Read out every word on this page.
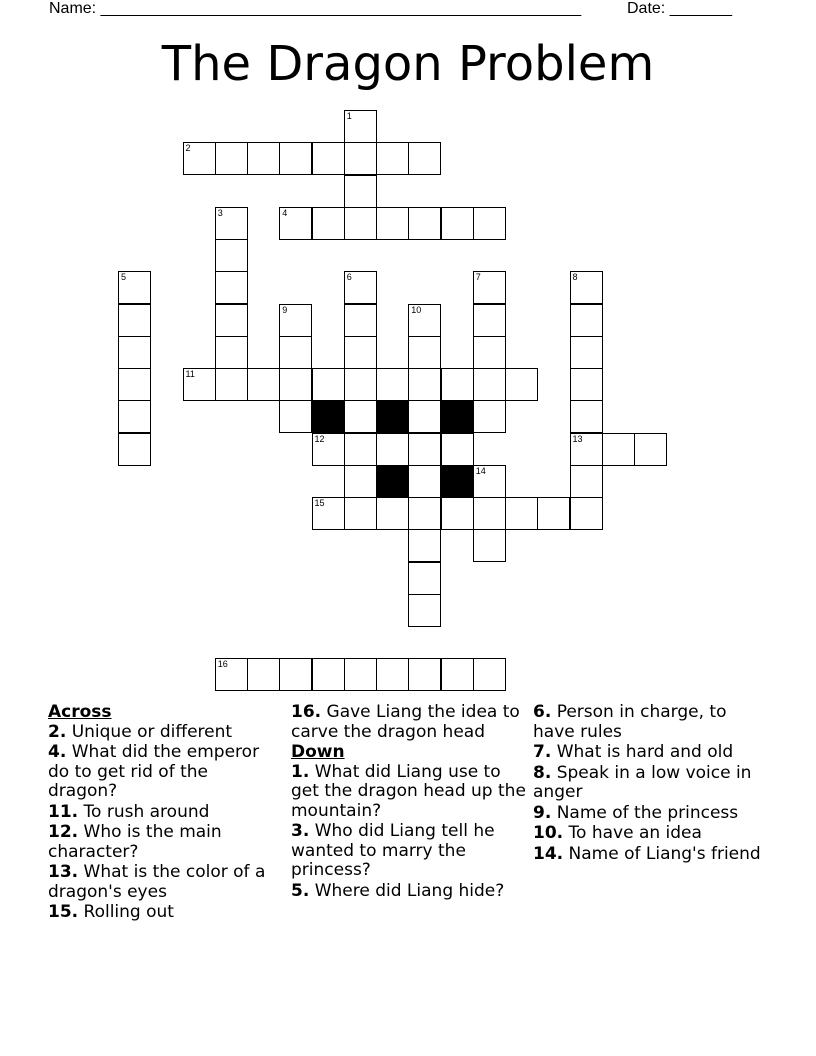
Name: ______________________________________________________	Date: _______
The Dragon Problem
1
2
3	4
5	6	7	8
9	10
11
12	13
14
15
16
Across
2. Unique or different
4. What did the emperor do to get rid of the dragon?
11. To rush around
12. Who is the main character?
13. What is the color of a dragon's eyes
15. Rolling out
16. Gave Liang the idea to carve the dragon head
Down
1. What did Liang use to get the dragon head up the mountain?
3. Who did Liang tell he wanted to marry the princess?
5. Where did Liang hide?
6. Person in charge, to have rules
7. What is hard and old
8. Speak in a low voice in anger
9. Name of the princess
10. To have an idea
14. Name of Liang's friend
